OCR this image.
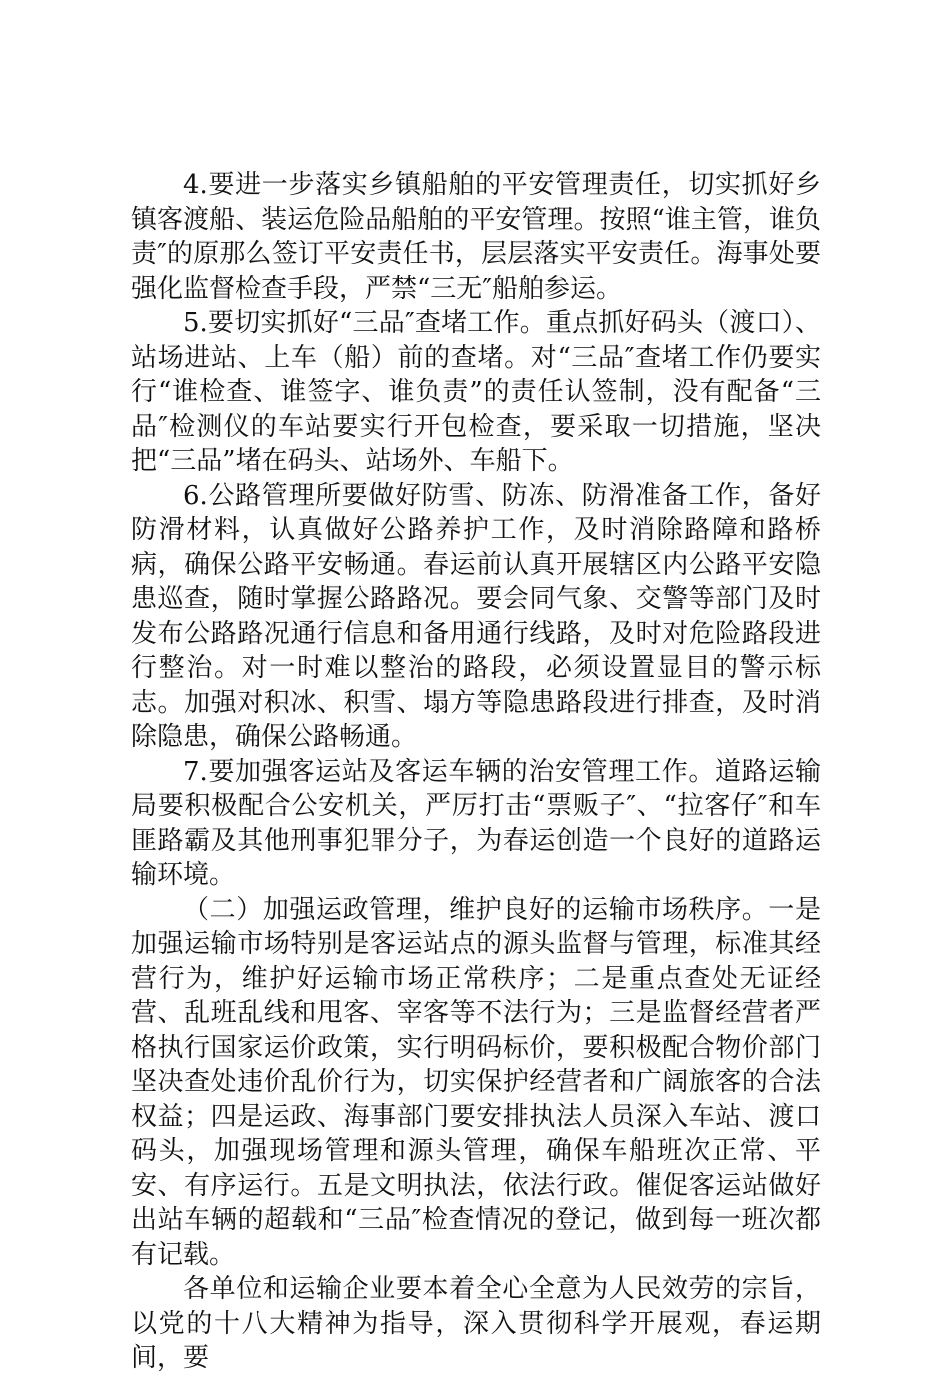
4.要进一步落实乡镇船舶的平安管理责任，切实抓好乡镇客渡船、装运危险品船舶的平安管理。按照“谁主管，谁负责″的原那么签订平安责任书，层层落实平安责任。海事处要强化监督检查手段，严禁“三无″船舶参运。

5.要切实抓好“三品″查堵工作。重点抓好码头（渡口）、站场进站、上车（船）前的查堵。对“三品″查堵工作仍要实行“谁检查、谁签字、谁负责”的责任认签制，没有配备“三品″检测仪的车站要实行开包检查，要采取一切措施，坚决把“三品”堵在码头、站场外、车船下。

6.公路管理所要做好防雪、防冻、防滑准备工作，备好防滑材料，认真做好公路养护工作，及时消除路障和路桥病，确保公路平安畅通。春运前认真开展辖区内公路平安隐患巡查，随时掌握公路路况。要会同气象、交警等部门及时发布公路路况通行信息和备用通行线路，及时对危险路段进行整治。对一时难以整治的路段，必须设置显目的警示标志。加强对积冰、积雪、塌方等隐患路段进行排查，及时消除隐患，确保公路畅通。

7.要加强客运站及客运车辆的治安管理工作。道路运输局要积极配合公安机关，严厉打击“票贩子″、“拉客仔″和车匪路霸及其他刑事犯罪分子，为春运创造一个良好的道路运输环境。

（二）加强运政管理，维护良好的运输市场秩序。一是加强运输市场特别是客运站点的源头监督与管理，标准其经营行为，维护好运输市场正常秩序；二是重点查处无证经营、乱班乱线和甩客、宰客等不法行为；三是监督经营者严格执行国家运价政策，实行明码标价，要积极配合物价部门坚决查处违价乱价行为，切实保护经营者和广阔旅客的合法权益；四是运政、海事部门要安排执法人员深入车站、渡口码头，加强现场管理和源头管理，确保车船班次正常、平安、有序运行。五是文明执法，依法行政。催促客运站做好出站车辆的超载和“三品″检查情况的登记，做到每一班次都有记载。

各单位和运输企业要本着全心全意为人民效劳的宗旨，以党的十八大精神为指导，深入贯彻科学开展观，春运期间，要
